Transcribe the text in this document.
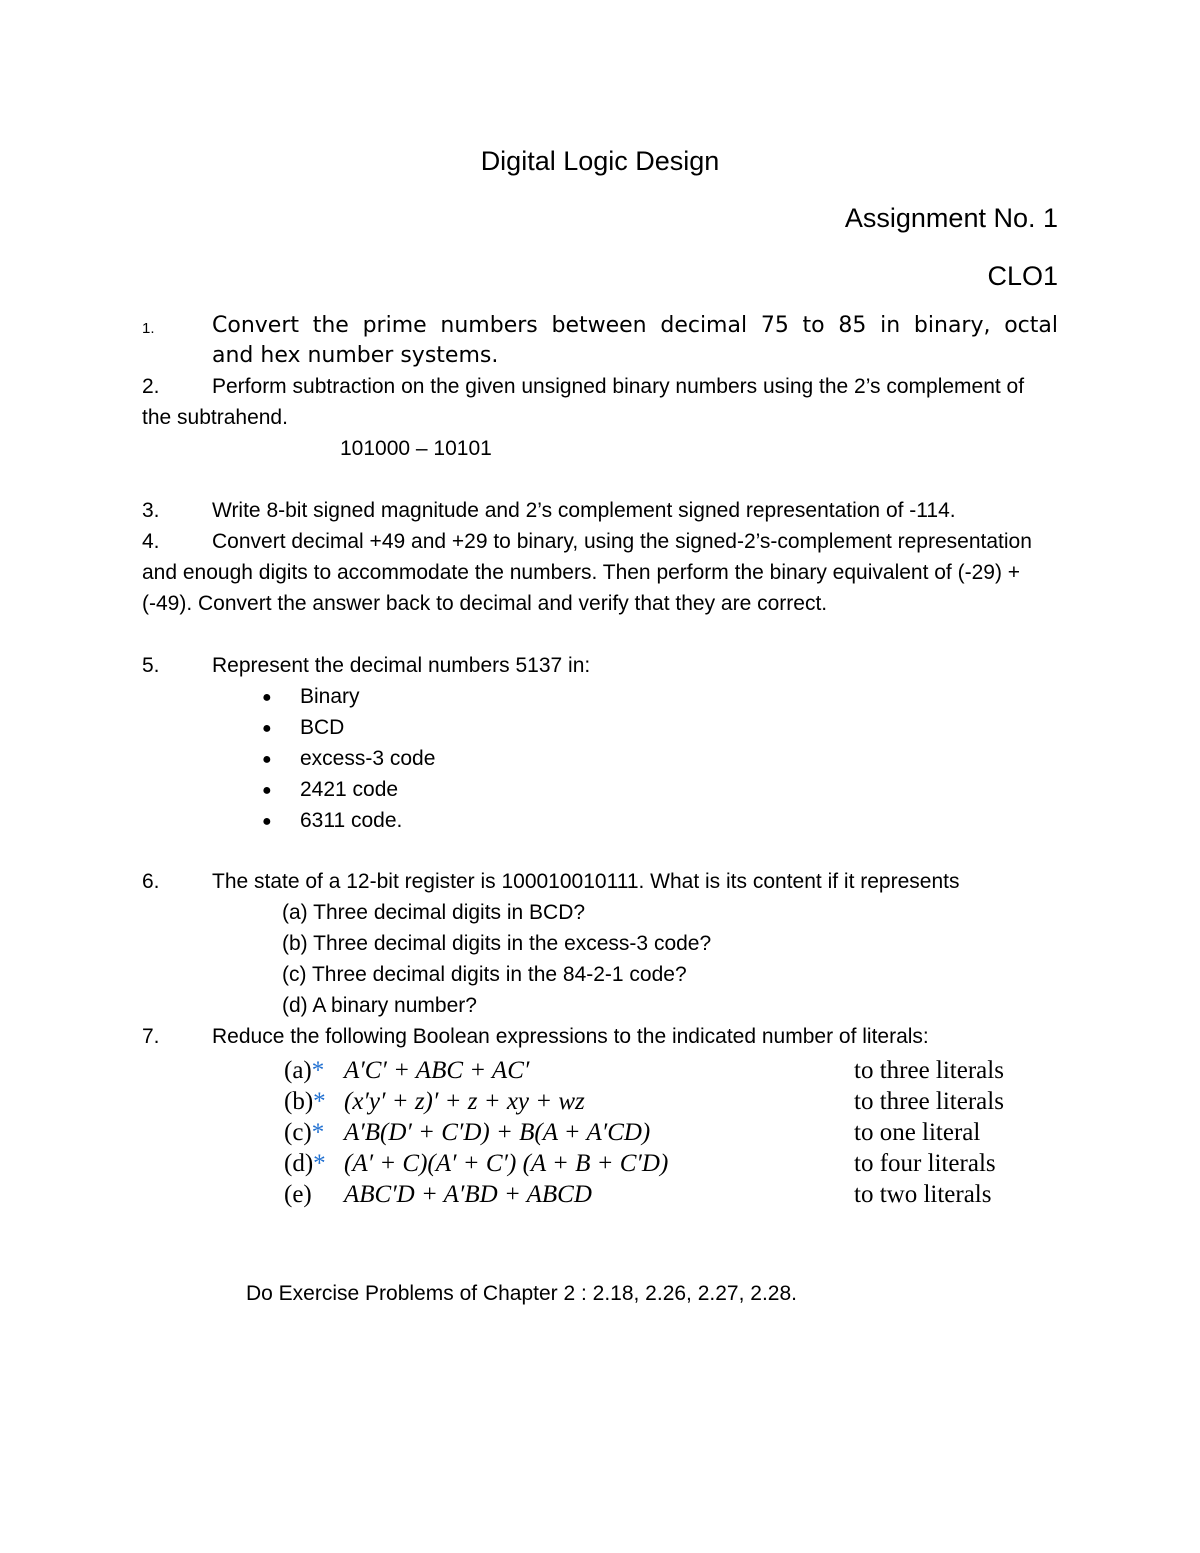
Digital Logic Design
Assignment No. 1
CLO1
1.	Convert the prime numbers between decimal 75 to 85 in binary, octal
and hex number systems.
2. Perform subtraction on the given unsigned binary numbers using the 2’s complement of
the subtrahend.
101000 – 10101
3. Write 8-bit signed magnitude and 2’s complement signed representation of -114.
4. Convert decimal +49 and +29 to binary, using the signed-2’s-complement representation
and enough digits to accommodate the numbers. Then perform the binary equivalent of (-29) +
(-49). Convert the answer back to decimal and verify that they are correct.
5. Represent the decimal numbers 5137 in:
● Binary
● BCD
● excess-3 code
● 2421 code
● 6311 code.
6. The state of a 12-bit register is 100010010111. What is its content if it represents
(a) Three decimal digits in BCD?
(b) Three decimal digits in the excess-3 code?
(c) Three decimal digits in the 84-2-1 code?
(d) A binary number?
7. Reduce the following Boolean expressions to the indicated number of literals:
(a)* A′C′ + ABC + AC′	to three literals
(b)* (x′y′ + z)′ + z + xy + wz	to three literals
(c)* A′B(D′ + C′D) + B(A + A′CD)	to one literal
(d)* (A′ + C)(A′ + C′) (A + B + C′D)	to four literals
(e) ABC′D + A′BD + ABCD	to two literals
Do Exercise Problems of Chapter 2 : 2.18, 2.26, 2.27, 2.28.
